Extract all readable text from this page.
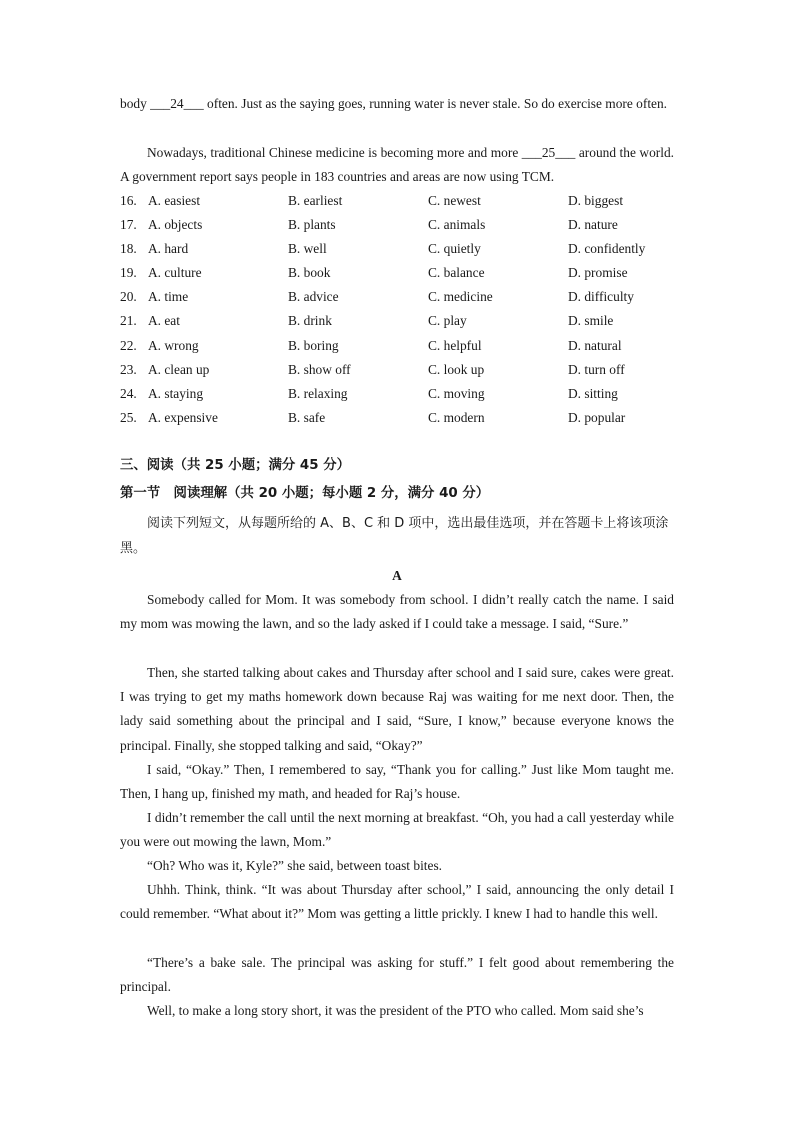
body ___24___ often. Just as the saying goes, running water is never stale. So do exercise more often.

Nowadays, traditional Chinese medicine is becoming more and more ___25___ around the world. A government report says people in 183 countries and areas are now using TCM.

16. A. easiest	B. earliest	C. newest	D. biggest
17. A. objects	B. plants	C. animals	D. nature
18. A. hard	B. well	C. quietly	D. confidently
19. A. culture	B. book	C. balance	D. promise
20. A. time	B. advice	C. medicine	D. difficulty
21. A. eat	B. drink	C. play	D. smile
22. A. wrong	B. boring	C. helpful	D. natural
23. A. clean up	B. show off	C. look up	D. turn off
24. A. staying	B. relaxing	C. moving	D. sitting
25. A. expensive	B. safe	C. modern	D. popular

三、阅读（共 25 小题；满分 45 分）

第一节　阅读理解（共 20 小题；每小题 2 分，满分 40 分）

阅读下列短文，从每题所给的 A、B、C 和 D 项中，选出最佳选项，并在答题卡上将该项涂黑。

A

Somebody called for Mom. It was somebody from school. I didn’t really catch the name. I said my mom was mowing the lawn, and so the lady asked if I could take a message. I said, “Sure.”

Then, she started talking about cakes and Thursday after school and I said sure, cakes were great. I was trying to get my maths homework down because Raj was waiting for me next door. Then, the lady said something about the principal and I said, “Sure, I know,” because everyone knows the principal. Finally, she stopped talking and said, “Okay?”

I said, “Okay.” Then, I remembered to say, “Thank you for calling.” Just like Mom taught me. Then, I hang up, finished my math, and headed for Raj’s house.

I didn’t remember the call until the next morning at breakfast. “Oh, you had a call yesterday while you were out mowing the lawn, Mom.”

“Oh? Who was it, Kyle?” she said, between toast bites.

Uhhh. Think, think. “It was about Thursday after school,” I said, announcing the only detail I could remember. “What about it?” Mom was getting a little prickly. I knew I had to handle this well.

“There’s a bake sale. The principal was asking for stuff.” I felt good about remembering the principal.

Well, to make a long story short, it was the president of the PTO who called. Mom said she’s
